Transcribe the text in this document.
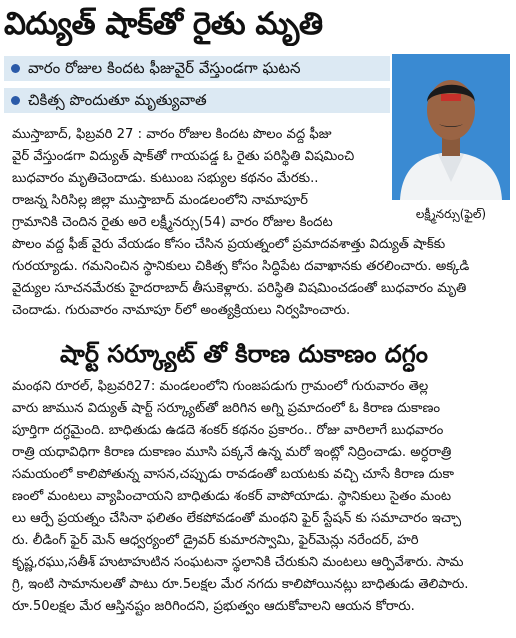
విద్యుత్ షాక్‌తో రైతు మృతి
వారం రోజుల కిందట ఫీజువైర్ వేస్తుండగా ఘటన
చికిత్స పొందుతూ మృత్యువాత
లక్ష్మీనర్సు(ఫైల్)
ముస్తాబాద్, ఫిబ్రవరి 27 : వారం రోజుల కిందట పొలం వద్ద ఫీజు
వైర్ వేస్తుండగా విద్యుత్ షాక్‌తో గాయపడ్డ ఓ రైతు పరిస్థితి విషమించి
బుధవారం మృతిచెందాడు. కుటుంబ సభ్యుల కథనం మేరకు..
రాజన్న సిరిసిల్ల జిల్లా ముస్తాబాద్ మండలంలోని నామాపూర్
గ్రామానికి చెందిన రైతు అరె లక్ష్మీనర్సు(54) వారం రోజుల కిందట
పొలం వద్ద ఫీజ్ వైరు వేయడం కోసం చేసిన ప్రయత్నంలో ప్రమాదవశాత్తు విద్యుత్ షాక్‌కు
గురయ్యాడు. గమనించిన స్థానికులు చికిత్స కోసం సిద్ధిపేట దవాఖానకు తరలించారు. అక్కడి
వైద్యుల సూచనమేరకు హైదరాబాద్ తీసుకెళ్లారు. పరిస్థితి విషమించడంతో బుధవారం మృతి
చెందాడు. గురువారం నామాపూ ర్‌లో అంత్యక్రియలు నిర్వహించారు.
షార్ట్ సర్క్యూట్ తో కిరాణ దుకాణం దగ్ధం
మంథని రూరల్, ఫిబ్రవరి27: మండలంలోని గుంజపడుగు గ్రామంలో గురువారం తెల్ల
వారు జామున విద్యుత్ షార్ట్ సర్క్యూట్‌తో జరిగిన అగ్ని ప్రమాదంలో ఓ కిరాణ దుకాణం
పూర్తిగా దగ్ధమైంది. బాధితుడు ఉడదె శంకర్ కథనం ప్రకారం.. రోజు వారిలాగే బుధవారం
రాత్రి యధావిధిగా కిరాణ దుకాణం మూసి పక్కనే ఉన్న మరో ఇంట్లో నిద్రించాడు. అర్ధరాత్రి
సమయంలో కాలిపోతున్న వాసన,చప్పుడు రావడంతో బయటకు వచ్చి చూసే కిరాణ దుకా
ణంలో మంటలు వ్యాపించాయని బాధితుడు శంకర్ వాపోయాడు. స్థానికులు సైతం మంట
లు ఆర్పే ప్రయత్నం చేసినా ఫలితం లేకపోవడంతో మంథని ఫైర్ స్టేషన్ కు సమాచారం ఇచ్చా
రు. లీడింగ్ ఫైర్ మెన్ ఆధ్వర్యంలో డ్రైవర్ కుమారస్వామి, ఫైర్‌మెన్లు నరేందర్, హరి
కృష్ణ,రఘు,సతీశ్ హుటాహుటిన సంఘటనా స్థలానికి చేరుకుని మంటలు ఆర్పివేశారు. సామ
గ్రి, ఇంటి సామానులతో పాటు రూ.5లక్షల మేర నగదు కాలిపోయినట్లు బాధితుడు తెలిపారు.
రూ.50లక్షల మేర ఆస్తినష్టం జరిగిందని, ప్రభుత్వం ఆదుకోవాలని ఆయన కోరారు.
